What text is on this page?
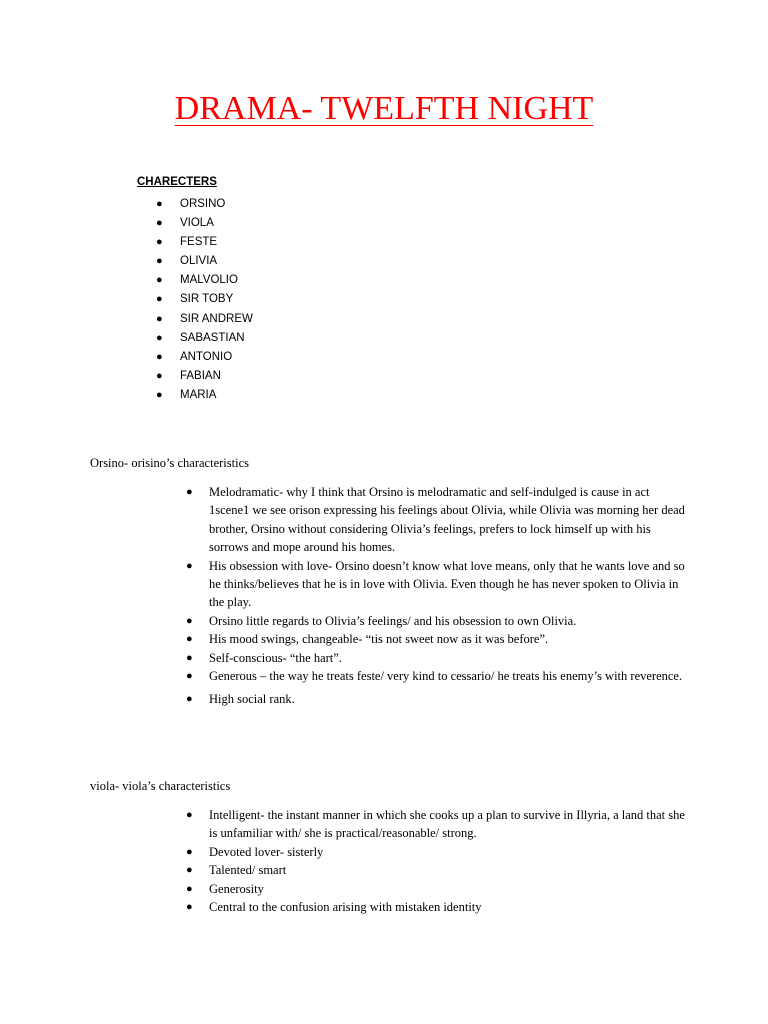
DRAMA- TWELFTH NIGHT
CHARECTERS
● ORSINO
● VIOLA
● FESTE
● OLIVIA
● MALVOLIO
● SIR TOBY
● SIR ANDREW
● SABASTIAN
● ANTONIO
● FABIAN
● MARIA
Orsino- orisino’s characteristics
● Melodramatic- why I think that Orsino is melodramatic and self-indulged is cause in act 1scene1 we see orison expressing his feelings about Olivia, while Olivia was morning her dead brother, Orsino without considering Olivia’s feelings, prefers to lock himself up with his sorrows and mope around his homes.
● His obsession with love- Orsino doesn’t know what love means, only that he wants love and so he thinks/believes that he is in love with Olivia. Even though he has never spoken to Olivia in the play.
● Orsino little regards to Olivia’s feelings/ and his obsession to own Olivia.
● His mood swings, changeable- “tis not sweet now as it was before”.
● Self-conscious- “the hart”.
● Generous – the way he treats feste/ very kind to cessario/ he treats his enemy’s with reverence.
● High social rank.
viola- viola’s characteristics
● Intelligent- the instant manner in which she cooks up a plan to survive in Illyria, a land that she is unfamiliar with/ she is practical/reasonable/ strong.
● Devoted lover- sisterly
● Talented/ smart
● Generosity
● Central to the confusion arising with mistaken identity
